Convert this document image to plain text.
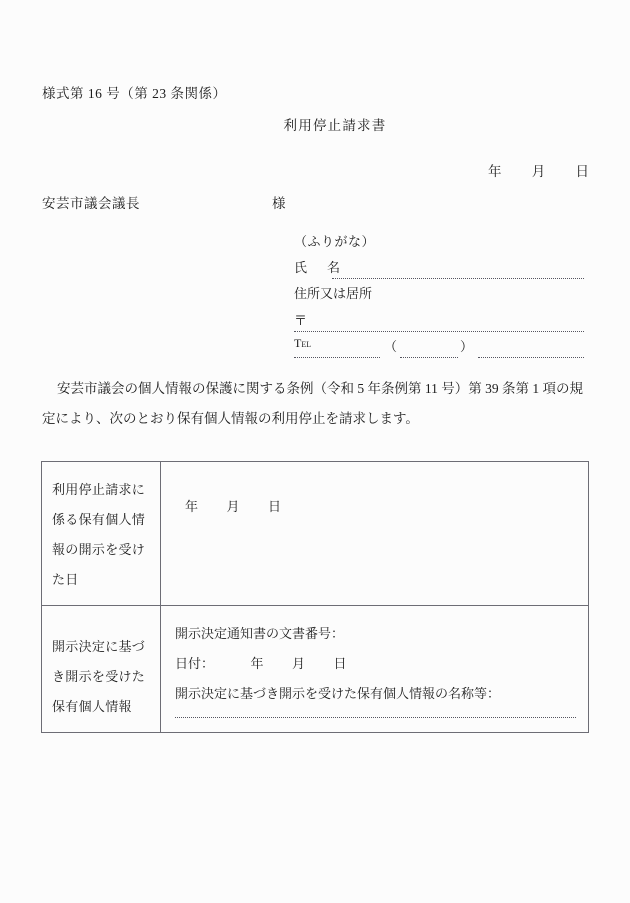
様式第 16 号（第 23 条関係）
利用停止請求書
年 月 日
安芸市議会議長	様
（ふりがな）
氏 名
住所又は居所
〒
Tel	（	）
安芸市議会の個人情報の保護に関する条例（令和 5 年条例第 11 号）第 39 条第 1 項の規
定により、次のとおり保有個人情報の利用停止を請求します。
利用停止請求に係る保有個人情報の開示を受けた日	年 月 日

開示決定に基づき開示を受けた保有個人情報	開示決定通知書の文書番号：
日付： 年 月 日
開示決定に基づき開示を受けた保有個人情報の名称等：
